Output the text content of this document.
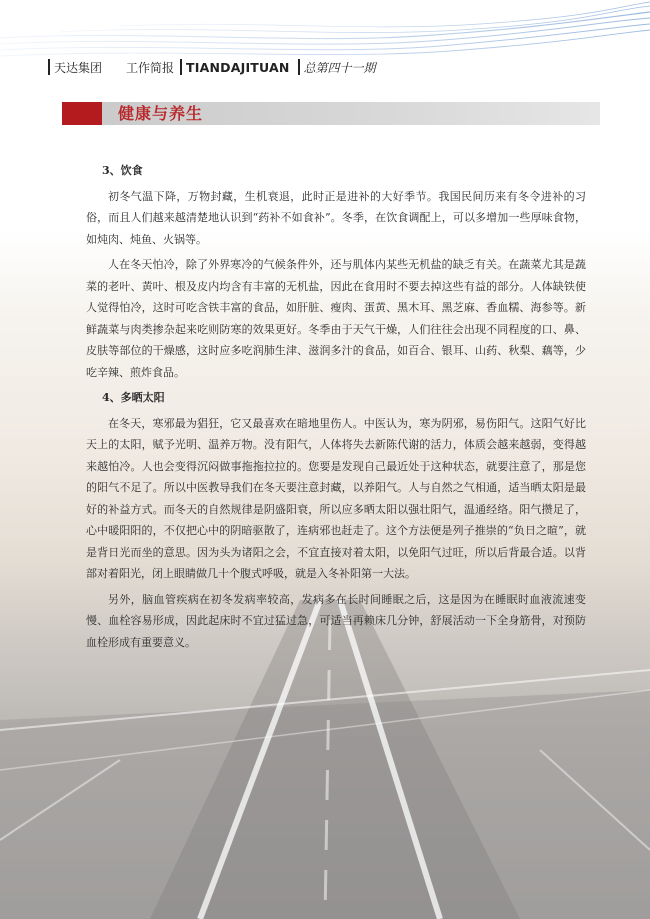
天达集团 工作简报 TIANDAJITUAN 总第四十一期
健康与养生
3、饮食

初冬气温下降，万物封藏，生机衰退，此时正是进补的大好季节。我国民间历来有冬令进补的习俗，而且人们越来越清楚地认识到“药补不如食补”。冬季，在饮食调配上，可以多增加一些厚味食物，如炖肉、炖鱼、火锅等。

人在冬天怕冷，除了外界寒冷的气候条件外，还与肌体内某些无机盐的缺乏有关。在蔬菜尤其是蔬菜的老叶、黄叶、根及皮内均含有丰富的无机盐，因此在食用时不要去掉这些有益的部分。人体缺铁使人觉得怕冷，这时可吃含铁丰富的食品，如肝脏、瘦肉、蛋黄、黑木耳、黑芝麻、香血糯、海参等。新鲜蔬菜与肉类掺杂起来吃则防寒的效果更好。冬季由于天气干燥，人们往往会出现不同程度的口、鼻、皮肤等部位的干燥感，这时应多吃润肺生津、滋润多汁的食品，如百合、银耳、山药、秋梨、藕等，少吃辛辣、煎炸食品。

4、多晒太阳

在冬天，寒邪最为猖狂，它又最喜欢在暗地里伤人。中医认为，寒为阴邪，易伤阳气。这阳气好比天上的太阳，赋予光明、温养万物。没有阳气，人体将失去新陈代谢的活力，体质会越来越弱，变得越来越怕冷。人也会变得沉闷做事拖拖拉拉的。您要是发现自己最近处于这种状态，就要注意了，那是您的阳气不足了。所以中医教导我们在冬天要注意封藏，以养阳气。人与自然之气相通，适当晒太阳是最好的补益方式。而冬天的自然规律是阴盛阳衰，所以应多晒太阳以强壮阳气，温通经络。阳气攒足了，心中暖阳阳的，不仅把心中的阴暗驱散了，连病邪也赶走了。这个方法便是列子推崇的“负日之暄”，就是背日光而坐的意思。因为头为诸阳之会，不宜直接对着太阳，以免阳气过旺，所以后背最合适。以背部对着阳光，闭上眼睛做几十个腹式呼吸，就是入冬补阳第一大法。

另外，脑血管疾病在初冬发病率较高，发病多在长时间睡眠之后，这是因为在睡眠时血液流速变慢、血栓容易形成，因此起床时不宜过猛过急，可适当再赖床几分钟，舒展活动一下全身筋骨，对预防血栓形成有重要意义。
